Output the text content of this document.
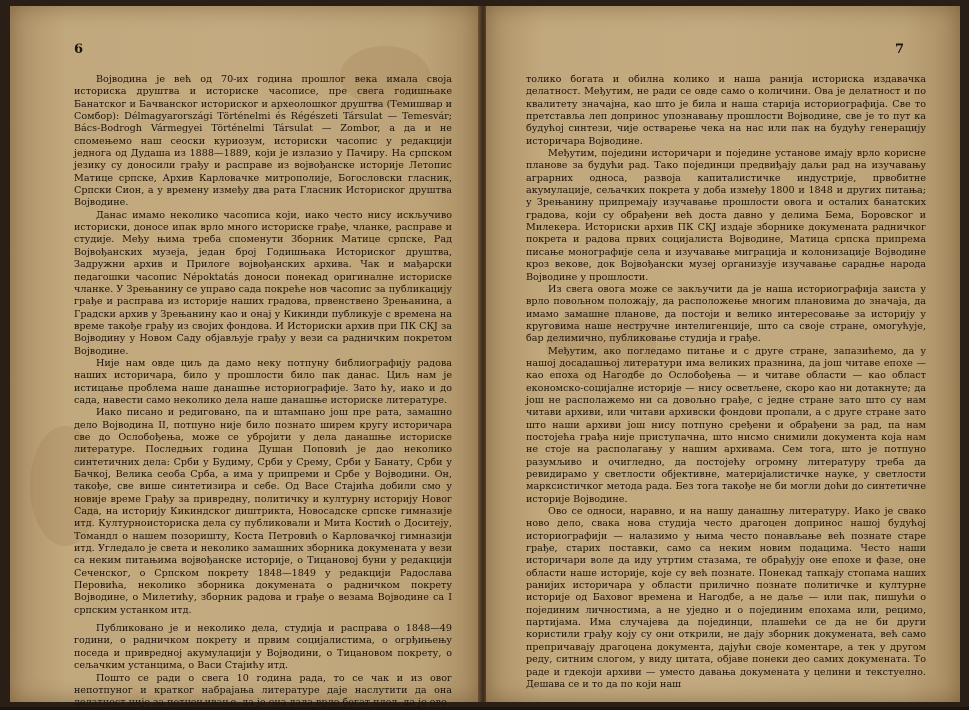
6

Војводина је већ од 70-их година прошлог века имала своја историска друштва и историске часописе, пре свега годишњаке Банатског и Бачванског историског и археолошког друштва (Темишвар и Сомбор): Délmagyarországi Történelmi és Régészeti Társulat — Temesvár; Bács-Bodrogh Vármegyei Történelmi Társulat — Zombor, а да и не спомењемо наш сеоски куриозум, историски часопис у редакцији једнога од Дудаша из 1888—1889, који је излазио у Пачиру. На српском језику су доносили грађу и расправе из војвођанске историје Летопис Матице српске, Архив Карловачке митрополије, Богословски гласник, Српски Сион, а у времену између два рата Гласник Историског друштва Војводине.

Данас имамо неколико часописа који, иако често нису искључиво историски, доносе ипак врло много историске грађе, чланке, расправе и студије. Међу њима треба споменути Зборник Матице српске, Рад Војвођанских музеја, један број Годишњака Историског друштва, Задружни архив и Прилоге војвођанских архива. Чак и мађарски педагошки часопис Népoktatás доноси понекад оригиналне историске чланке. У Зрењанину се управо сада покреће нов часопис за публикацију грађе и расправа из историје наших градова, првенствено Зрењанина, а Градски архив у Зрењанину као и онај у Кикинди публикује с времена на време такође грађу из својих фондова. И Историски архив при ПК СКЈ за Војводину у Новом Саду објављује грађу у вези са радничким покретом Војводине.

Није нам овде циљ да дамо неку потпуну библиографију радова наших историчара, било у прошлости било пак данас. Циљ нам је истицање проблема наше данашње историографије. Зато ћу, иако и до сада, навести само неколико дела наше данашње историске литературе.

Иако писано и редиговано, па и штампано још пре рата, замашно дело Војводина II, потпуно није било познато ширем кругу историчара све до Ослобођења, може се убројити у дела данашње историске литературе. Последњих година Душан Поповић је дао неколико синтетичних дела: Срби у Будиму, Срби у Срему, Срби у Банату, Срби у Бачкој, Велика сеоба Срба, а има у припреми и Србе у Војводини. Он, такође, све више синтетизира и себе. Од Васе Стајића добили смо у новије време Грађу за привредну, политичку и културну историју Новог Сада, на историју Кикиндског диштрикта, Новосадске српске гимназије итд. Културноисториска дела су публиковали и Мита Костић о Доситеју, Томандл о нашем позоришту, Коста Петровић о Карловачкој гимназији итд. Угледало је света и неколико замашних зборника докумената у вези са неким питањима војвођанске историје, о Тицановој буни у редакцији Сеченског, о Српском покрету 1848—1849 у редакцији Радослава Перовића, неколико зборника докумената о радничком покрету Војводине, о Милетићу, зборник радова и грађе о везама Војводине са I српским устанком итд.

Публиковано је и неколико дела, студија и расправа о 1848—49 години, о радничком покрету и првим социјалистима, о огрђињењу поседа и привредној акумулацији у Војводини, о Тицановом покрету, о сељачким устанцима, о Васи Стајићу итд.

Пошто се ради о свега 10 година рада, то се чак и из овог непотпуног и кратког набрајања литературе даје наслутити да она делатност није за потцењивање, да је она дала врло богат плод, да је ово

7

толико богата и обилна колико и наша ранија историска издавачка делатност. Међутим, не ради се овде само о количини. Ова је делатност и по квалитету значајна, као што је била и наша старија историографија. Све то претставља леп допринос упознавању прошлости Војводине, све је то пут ка будућој синтези, чије остварење чека на нас или пак на будућу генерацију историчара Војводине.

Међутим, поједини историчари и поједине установе имају врло корисне планове за будући рад. Тако појединци предвиђају даљи рад на изучавању аграрних односа, развоја капиталистичке индустрије, првобитне акумулације, сељачких покрета у доба између 1800 и 1848 и других питања; у Зрењанину припремају изучавање прошлости овога и осталих банатских градова, који су обрађени већ доста давно у делима Бема, Боровског и Милекера. Историски архив ПК СКЈ издаје зборнике докумената радничког покрета и радова првих социјалиста Војводине, Матица српска припрема писање монографије села и изучавање миграција и колонизације Војводине кроз векове, док Војвођански музеј организује изучавање сарадње народа Војводине у прошлости.

Из свега овога може се закључити да је наша историографија заиста у врло повољном положају, да расположење многим плановима до значаја, да имамо замашне планове, да постоји и велико интересовање за историју у круговима наше нестручне интелигенције, што са своје стране, омогућује, бар делимично, публиковање студија и грађе.

Међутим, ако погледамо питање и с друге стране, запазићемо, да у нашој досадашњој литератури има великих празнина, да још читаве епохе — као епоха од Нагодбе до Ослобођења — и читаве области — као област економско-социјалне историје — нису осветљене, скоро као ни дотакнуте; да још не располажемо ни са довољно грађе, с једне стране зато што су нам читави архиви, или читави архивски фондови пропали, а с друге стране зато што наши архиви још нису потпуно сређени и обрађени за рад, па нам постојећа грађа није приступачна, што нисмо снимили документа која нам не стоје на располагању у нашим архивама. Сем тога, што је потпуно разумљиво и очигледно, да постојећу огромну литературу треба да ревидирамо у светлости објективне, материјалистичке науке, у светлости марксистичког метода рада. Без тога такође не би могли доћи до синтетичне историје Војводине.

Ово се односи, наравно, и на нашу данашњу литературу. Иако је свако ново дело, свака нова студија често драгоцен допринос нашој будућој историографији — налазимо у њима често понављање већ познате старе грађе, старих поставки, само са неким новим подацима. Често наши историчари воле да иду утртим стазама, те обрађују оне епохе и фазе, оне области наше историје, које су већ познате. Понекад тапкају стопама наших ранијих историчара у области прилично познате политичке и културне историје од Баховог времена и Нагодбе, а не даље — или пак, пишући о појединим личностима, а не уједно и о појединим епохама или, рецимо, партијама. Има случајева да појединци, плашећи се да не би други користили грађу коју су они открили, не дају зборник докумената, већ само препричавају драгоцена документа, дајући своје коментаре, а тек у другом реду, ситним слогом, у виду цитата, објаве понеки део самих докумената. То раде и гдекоји архиви — уместо давања докумената у целини и текстуелно. Дешава се и то да по који наш
